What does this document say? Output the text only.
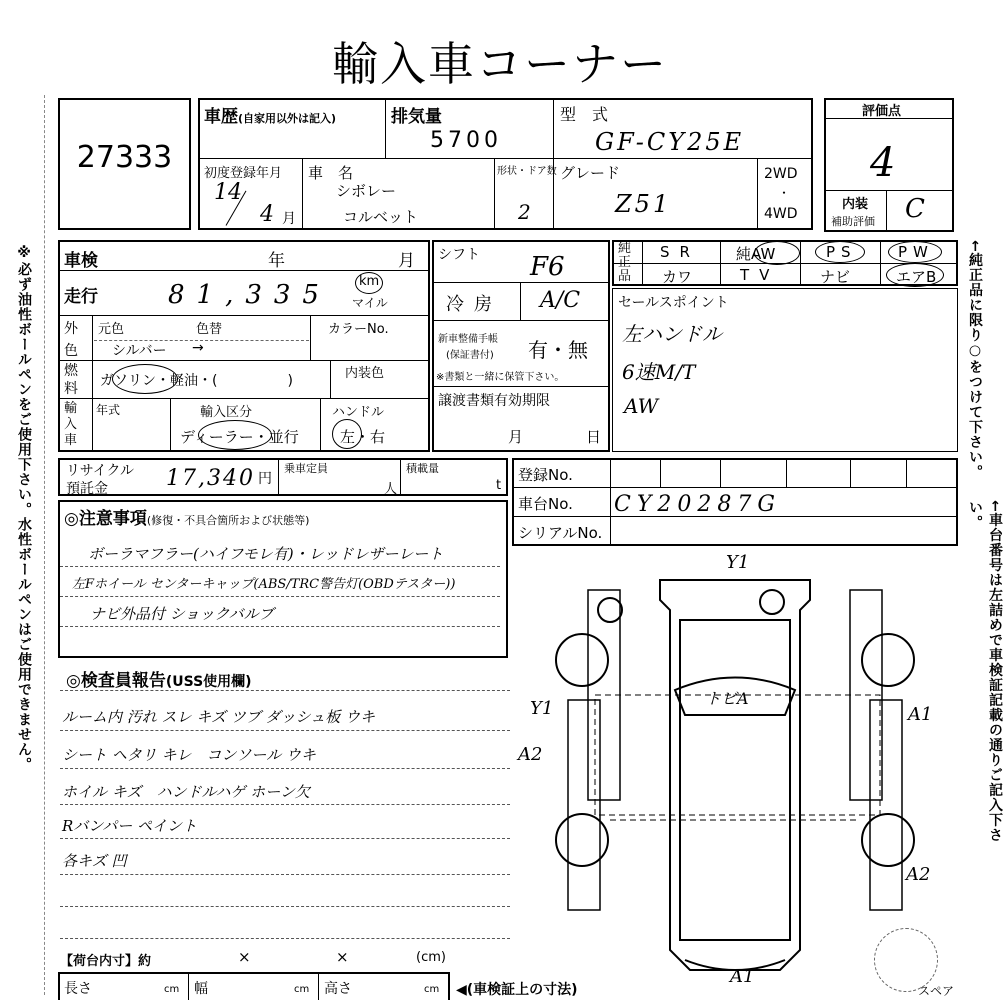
輸入車コーナー
※必ず油性ボールペンをご使用下さい。水性ボールペンはご使用できません。	←純正品に限り○をつけて下さい。
←車台番号は左詰めで車検証記載の通りご記入下さい。
27333
車歴(自家用以外は記入)	排気量
5700
型　式
GF-CY25E
初度登録年月
14
4 月
車　名
シボレー
コルベット
形状・ドア数
2
グレード
Z51
2WD
・
4WD
評価点
4
内装
補助評価 C
車検	年	月
走行	81,335 km
マイル
外色
元色	色替	カラーNo.
シルバー →
燃料 ガソリン・軽油・(　　　　　)	内装色
輸入車
年式	輸入区分
ディーラー・並行
ハンドル
左・右
シフト F6
冷房 A/C
新車整備手帳
(保証書付) 有・無
※書類と一緒に保管下さい。
譲渡書類有効期限
月	日
純正品
SR 純AW	PS	PW
カワ	TV	ナビ	エアB
セールスポイント
左ハンドル
6速M/T
AW
リサイクル
預託金	17,340 円
乗車定員
人
積載量
t
登録No.
車台No. CY20287G
シリアルNo.
◎注意事項(修復・不具合箇所および状態等)
ボーラマフラー(ハイフモレ有)・レッドレザーレート
左Fホイール センターキャップ(ABS/TRC警告灯(OBDテスター))
ナビ外品付 ショックバルブ
◎検査員報告(USS使用欄)
ルーム内 汚れ スレ キズ ツブ ダッシュ板 ウキ
シート ヘタリ キレ　コンソール ウキ
ホイル キズ　ハンドルハゲ ホーン欠
Rバンパー ペイント
各キズ 凹
【荷台内寸】約	×	×	(cm)
長さ	cm 幅	cm 高さ	cm ◀(車検証上の寸法)
Y1
Y1
A2
A1
A2
A1
トビA
スペア
